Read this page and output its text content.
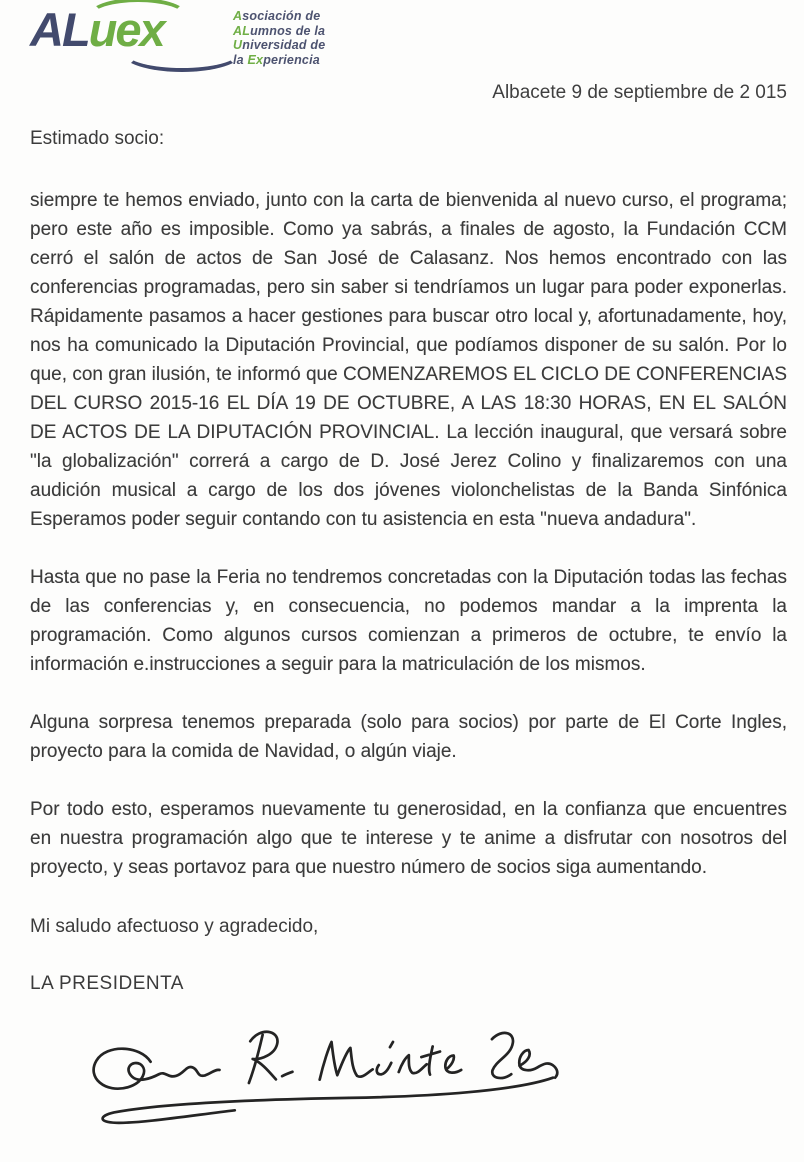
ALuex	Asociación de
ALumnos de la
Universidad de
la Experiencia
Albacete 9 de septiembre de 2 015
Estimado socio:

siempre te hemos enviado, junto con la carta de bienvenida al nuevo curso, el programa; pero este año es imposible. Como ya sabrás, a finales de agosto, la Fundación CCM cerró el salón de actos de San José de Calasanz. Nos hemos encontrado con las conferencias programadas, pero sin saber si tendríamos un lugar para poder exponerlas. Rápidamente pasamos a hacer gestiones para buscar otro local y, afortunadamente, hoy, nos ha comunicado la Diputación Provincial, que podíamos disponer de su salón. Por lo que, con gran ilusión, te informó que COMENZAREMOS EL CICLO DE CONFERENCIAS DEL CURSO 2015-16 EL DÍA 19 DE OCTUBRE, A LAS 18:30 HORAS, EN EL SALÓN DE ACTOS DE LA DIPUTACIÓN PROVINCIAL. La lección inaugural, que versará sobre "la globalización" correrá a cargo de D. José Jerez Colino y finalizaremos con una audición musical a cargo de los dos jóvenes violonchelistas de la Banda Sinfónica Esperamos poder seguir contando con tu asistencia en esta "nueva andadura".

Hasta que no pase la Feria no tendremos concretadas con la Diputación todas las fechas de las conferencias y, en consecuencia, no podemos mandar a la imprenta la programación. Como algunos cursos comienzan a primeros de octubre, te envío la información e.instrucciones a seguir para la matriculación de los mismos.

Alguna sorpresa tenemos preparada (solo para socios) por parte de El Corte Ingles, proyecto para la comida de Navidad, o algún viaje.

Por todo esto, esperamos nuevamente tu generosidad, en la confianza que encuentres en nuestra programación algo que te interese y te anime a disfrutar con nosotros del proyecto, y seas portavoz para que nuestro número de socios siga aumentando.

Mi saludo afectuoso y agradecido,
LA PRESIDENTA
